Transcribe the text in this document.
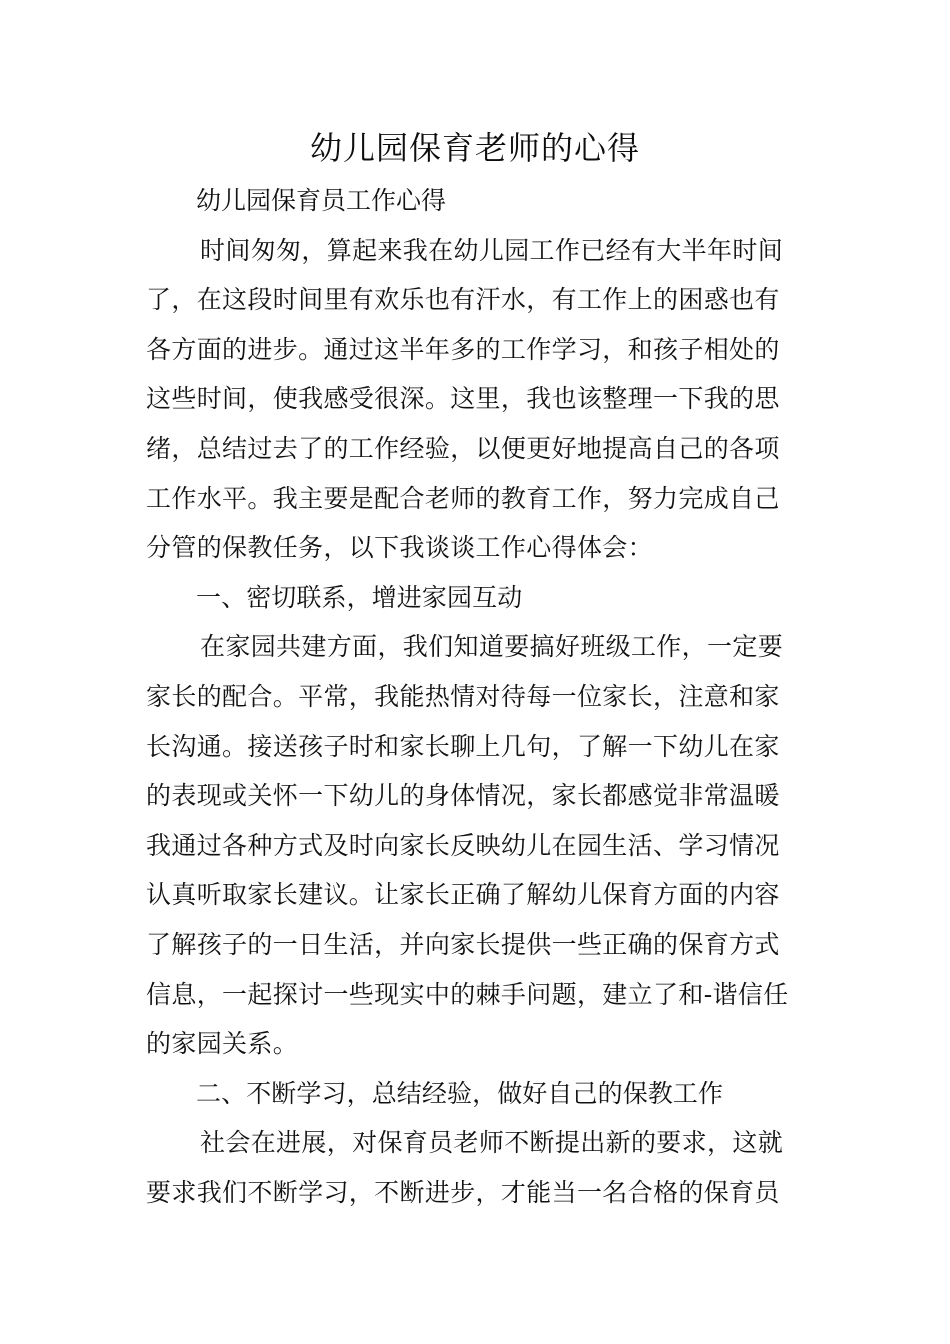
幼儿园保育老师的心得
幼儿园保育员工作心得
时间匆匆，算起来我在幼儿园工作已经有大半年时间
了，在这段时间里有欢乐也有汗水，有工作上的困惑也有
各方面的进步。通过这半年多的工作学习，和孩子相处的
这些时间，使我感受很深。这里，我也该整理一下我的思
绪，总结过去了的工作经验，以便更好地提高自己的各项
工作水平。我主要是配合老师的教育工作，努力完成自己
分管的保教任务，以下我谈谈工作心得体会：
一、密切联系，增进家园互动
在家园共建方面，我们知道要搞好班级工作，一定要
家长的配合。平常，我能热情对待每一位家长，注意和家
长沟通。接送孩子时和家长聊上几句，了解一下幼儿在家
的表现或关怀一下幼儿的身体情况，家长都感觉非常温暖
我通过各种方式及时向家长反映幼儿在园生活、学习情况
认真听取家长建议。让家长正确了解幼儿保育方面的内容
了解孩子的一日生活，并向家长提供一些正确的保育方式
信息，一起探讨一些现实中的棘手问题，建立了和-谐信任
的家园关系。
二、不断学习，总结经验，做好自己的保教工作
社会在进展，对保育员老师不断提出新的要求，这就
要求我们不断学习，不断进步，才能当一名合格的保育员
